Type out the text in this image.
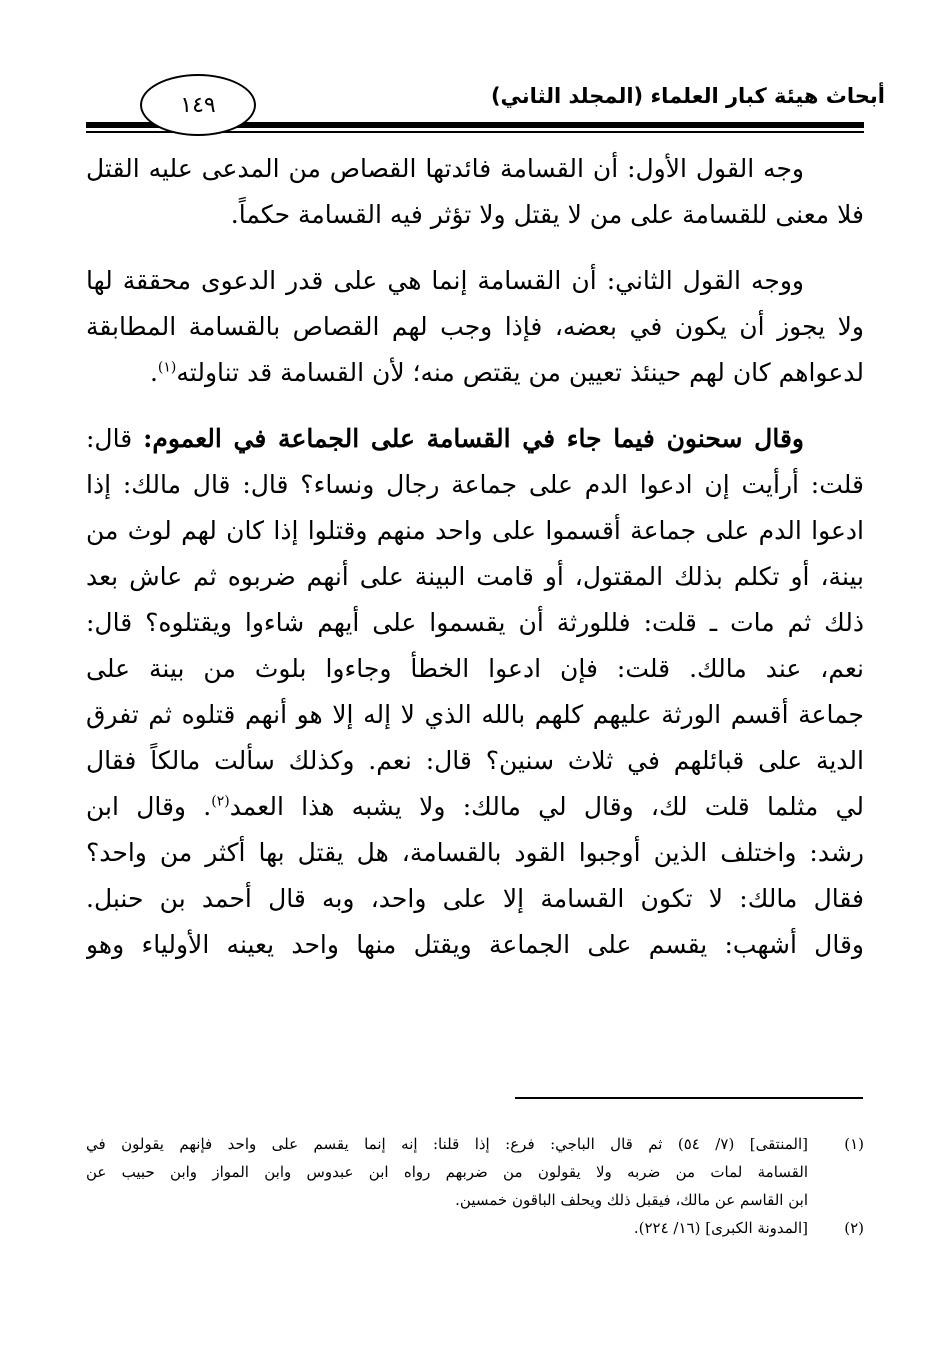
أبحاث هيئة كبار العلماء (المجلد الثاني)
١٤٩
وجه القول الأول: أن القسامة فائدتها القصاص من المدعى عليه القتل
فلا معنى للقسامة على من لا يقتل ولا تؤثر فيه القسامة حكماً.
ووجه القول الثاني: أن القسامة إنما هي على قدر الدعوى محققة لها
ولا يجوز أن يكون في بعضه، فإذا وجب لهم القصاص بالقسامة المطابقة
لدعواهم كان لهم حينئذ تعيين من يقتص منه؛ لأن القسامة قد تناولته$^{(١)}$.
وقال سحنون فيما جاء في القسامة على الجماعة في العموم: قال:
قلت: أرأيت إن ادعوا الدم على جماعة رجال ونساء؟ قال: قال مالك: إذا
ادعوا الدم على جماعة أقسموا على واحد منهم وقتلوا إذا كان لهم لوث من
بينة، أو تكلم بذلك المقتول، أو قامت البينة على أنهم ضربوه ثم عاش بعد
ذلك ثم مات ـ قلت: فللورثة أن يقسموا على أيهم شاءوا ويقتلوه؟ قال:
نعم، عند مالك. قلت: فإن ادعوا الخطأ وجاءوا بلوث من بينة على
جماعة أقسم الورثة عليهم كلهم بالله الذي لا إله إلا هو أنهم قتلوه ثم تفرق
الدية على قبائلهم في ثلاث سنين؟ قال: نعم. وكذلك سألت مالكاً فقال
لي مثلما قلت لك، وقال لي مالك: ولا يشبه هذا العمد$^{(٢)}$. وقال ابن
رشد: واختلف الذين أوجبوا القود بالقسامة، هل يقتل بها أكثر من واحد؟
فقال مالك: لا تكون القسامة إلا على واحد، وبه قال أحمد بن حنبل.
وقال أشهب: يقسم على الجماعة ويقتل منها واحد يعينه الأولياء وهو
(١)
[المنتقى] (٧/ ٥٤) ثم قال الباجي: فرع: إذا قلنا: إنه إنما يقسم على واحد فإنهم يقولون في
القسامة لمات من ضربه ولا يقولون من ضربهم رواه ابن عبدوس وابن المواز وابن حبيب عن
ابن القاسم عن مالك، فيقبل ذلك ويحلف الباقون خمسين.
(٢)
[المدونة الكبرى] (١٦/ ٢٢٤).
